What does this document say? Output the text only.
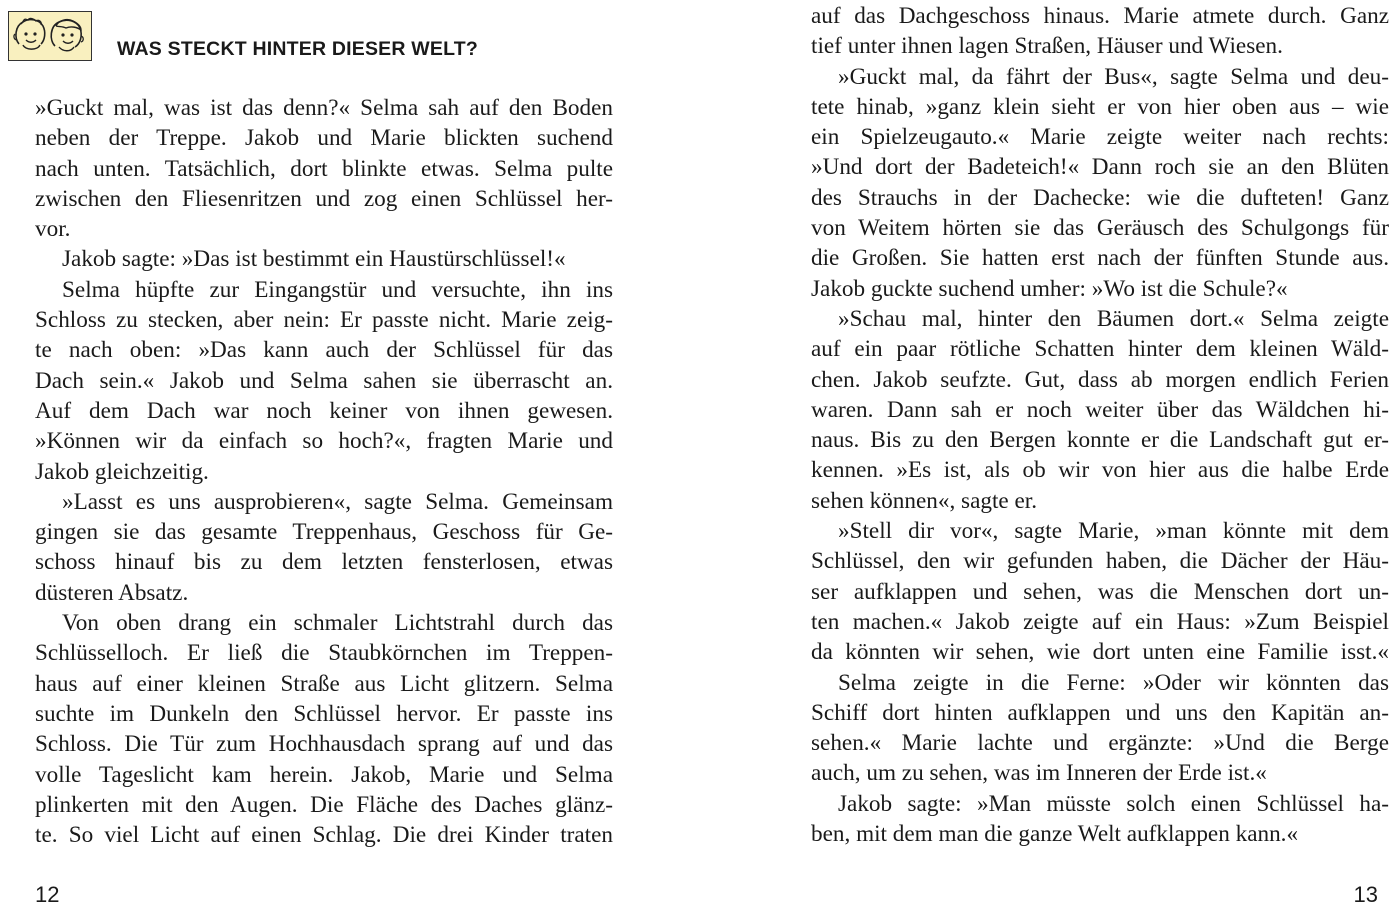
WAS STECKT HINTER DIESER WELT?
»Guckt mal, was ist das denn?« Selma sah auf den Boden
neben der Treppe. Jakob und Marie blickten suchend
nach unten. Tatsächlich, dort blinkte etwas. Selma pulte
zwischen den Fliesenritzen und zog einen Schlüssel her-
vor.
Jakob sagte: »Das ist bestimmt ein Haustürschlüssel!«
Selma hüpfte zur Eingangstür und versuchte, ihn ins
Schloss zu stecken, aber nein: Er passte nicht. Marie zeig-
te nach oben: »Das kann auch der Schlüssel für das
Dach sein.« Jakob und Selma sahen sie überrascht an.
Auf dem Dach war noch keiner von ihnen gewesen.
»Können wir da einfach so hoch?«, fragten Marie und
Jakob gleichzeitig.
»Lasst es uns ausprobieren«, sagte Selma. Gemeinsam
gingen sie das gesamte Treppenhaus, Geschoss für Ge-
schoss hinauf bis zu dem letzten fensterlosen, etwas
düsteren Absatz.
Von oben drang ein schmaler Lichtstrahl durch das
Schlüsselloch. Er ließ die Staubkörnchen im Treppen-
haus auf einer kleinen Straße aus Licht glitzern. Selma
suchte im Dunkeln den Schlüssel hervor. Er passte ins
Schloss. Die Tür zum Hochhausdach sprang auf und das
volle Tageslicht kam herein. Jakob, Marie und Selma
plinkerten mit den Augen. Die Fläche des Daches glänz-
te. So viel Licht auf einen Schlag. Die drei Kinder traten
12
auf das Dachgeschoss hinaus. Marie atmete durch. Ganz
tief unter ihnen lagen Straßen, Häuser und Wiesen.
»Guckt mal, da fährt der Bus«, sagte Selma und deu-
tete hinab, »ganz klein sieht er von hier oben aus – wie
ein Spielzeugauto.« Marie zeigte weiter nach rechts:
»Und dort der Badeteich!« Dann roch sie an den Blüten
des Strauchs in der Dachecke: wie die dufteten! Ganz
von Weitem hörten sie das Geräusch des Schulgongs für
die Großen. Sie hatten erst nach der fünften Stunde aus.
Jakob guckte suchend umher: »Wo ist die Schule?«
»Schau mal, hinter den Bäumen dort.« Selma zeigte
auf ein paar rötliche Schatten hinter dem kleinen Wäld-
chen. Jakob seufzte. Gut, dass ab morgen endlich Ferien
waren. Dann sah er noch weiter über das Wäldchen hi-
naus. Bis zu den Bergen konnte er die Landschaft gut er-
kennen. »Es ist, als ob wir von hier aus die halbe Erde
sehen können«, sagte er.
»Stell dir vor«, sagte Marie, »man könnte mit dem
Schlüssel, den wir gefunden haben, die Dächer der Häu-
ser aufklappen und sehen, was die Menschen dort un-
ten machen.« Jakob zeigte auf ein Haus: »Zum Beispiel
da könnten wir sehen, wie dort unten eine Familie isst.«
Selma zeigte in die Ferne: »Oder wir könnten das
Schiff dort hinten aufklappen und uns den Kapitän an-
sehen.« Marie lachte und ergänzte: »Und die Berge
auch, um zu sehen, was im Inneren der Erde ist.«
Jakob sagte: »Man müsste solch einen Schlüssel ha-
ben, mit dem man die ganze Welt aufklappen kann.«
13
